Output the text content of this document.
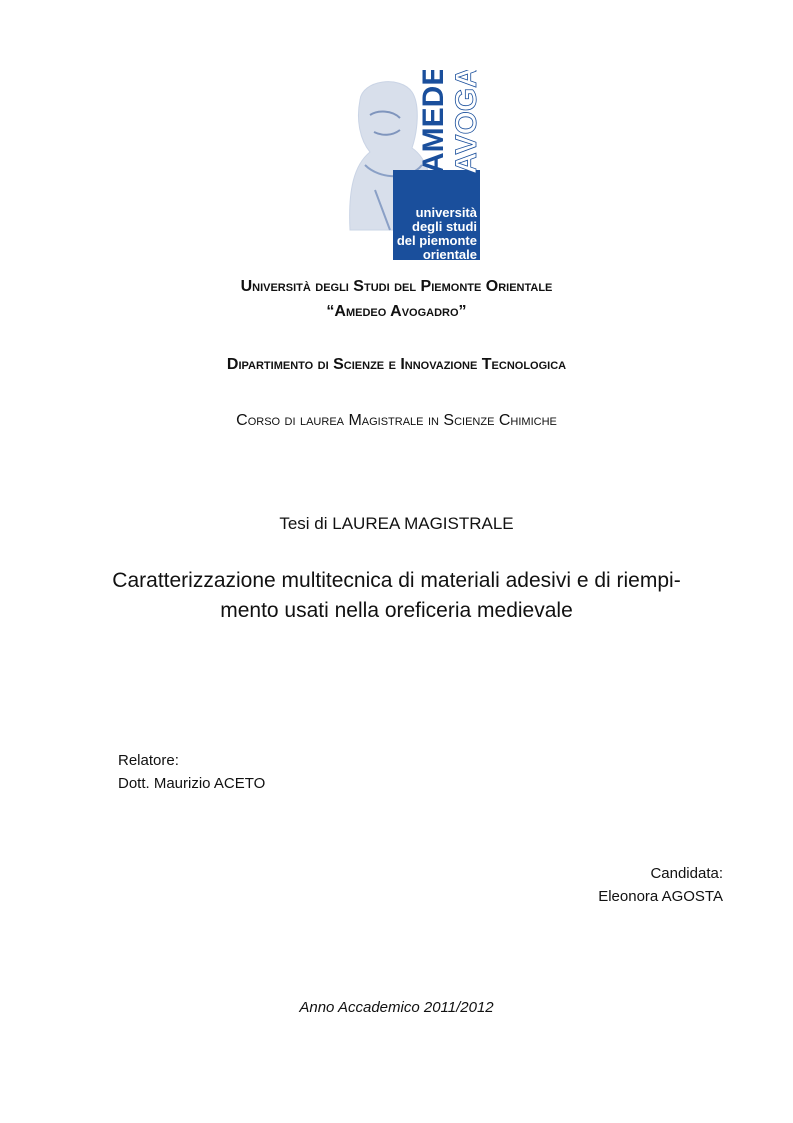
AMEDEO AVOGADRO
università
degli studi
del piemonte
orientale
Università degli Studi del Piemonte Orientale
“Amedeo Avogadro”
Dipartimento di Scienze e Innovazione Tecnologica
Corso di laurea Magistrale in Scienze Chimiche
Tesi di LAUREA MAGISTRALE
Caratterizzazione multitecnica di materiali adesivi e di riempi-
mento usati nella oreficeria medievale
Relatore:
Dott. Maurizio ACETO
Candidata:
Eleonora AGOSTA
Anno Accademico 2011/2012
